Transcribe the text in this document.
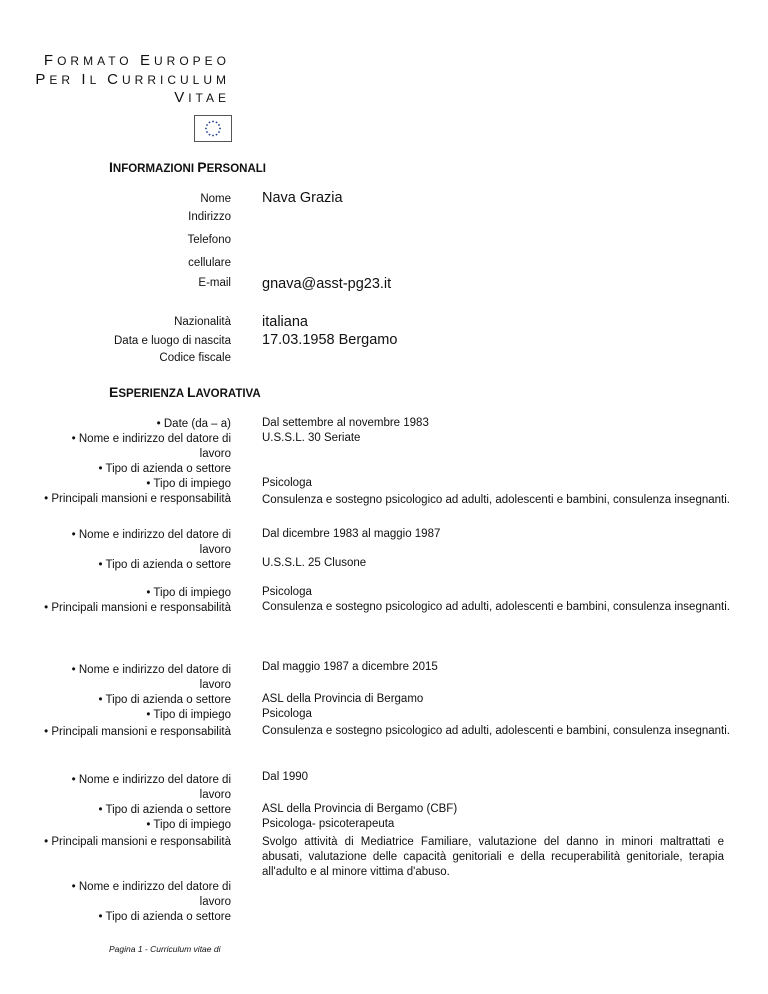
FORMATO EUROPEO
PER IL CURRICULUM
VITAE
INFORMAZIONI PERSONALI
Nome Nava Grazia
Indirizzo
Telefono
cellulare
E-mail gnava@asst-pg23.it
Nazionalità italiana
Data e luogo di nascita 17.03.1958 Bergamo
Codice fiscale
ESPERIENZA LAVORATIVA
• Date (da – a)
• Nome e indirizzo del datore di
lavoro
• Tipo di azienda o settore
• Tipo di impiego
• Principali mansioni e responsabilità
Dal settembre al novembre 1983
U.S.S.L. 30 Seriate
Psicologa
Consulenza e sostegno psicologico ad adulti, adolescenti e bambini, consulenza insegnanti.
• Nome e indirizzo del datore di
lavoro
• Tipo di azienda o settore
• Tipo di impiego
• Principali mansioni e responsabilità
Dal dicembre 1983 al maggio 1987
U.S.S.L. 25 Clusone
Psicologa
Consulenza e sostegno psicologico ad adulti, adolescenti e bambini, consulenza insegnanti.
• Nome e indirizzo del datore di
lavoro
• Tipo di azienda o settore
• Tipo di impiego
• Principali mansioni e responsabilità
Dal maggio 1987 a dicembre 2015
ASL della Provincia di Bergamo
Psicologa
Consulenza e sostegno psicologico ad adulti, adolescenti e bambini, consulenza insegnanti.
• Nome e indirizzo del datore di
lavoro
• Tipo di azienda o settore
• Tipo di impiego
• Principali mansioni e responsabilità
Dal 1990
ASL della Provincia di Bergamo (CBF)
Psicologa- psicoterapeuta
Svolgo attività di Mediatrice Familiare, valutazione del danno in minori maltrattati e abusati, valutazione delle capacità genitoriali e della recuperabilità genitoriale, terapia all'adulto e al minore vittima d'abuso.
• Nome e indirizzo del datore di
lavoro
• Tipo di azienda o settore
Pagina 1 - Curriculum vitae di
